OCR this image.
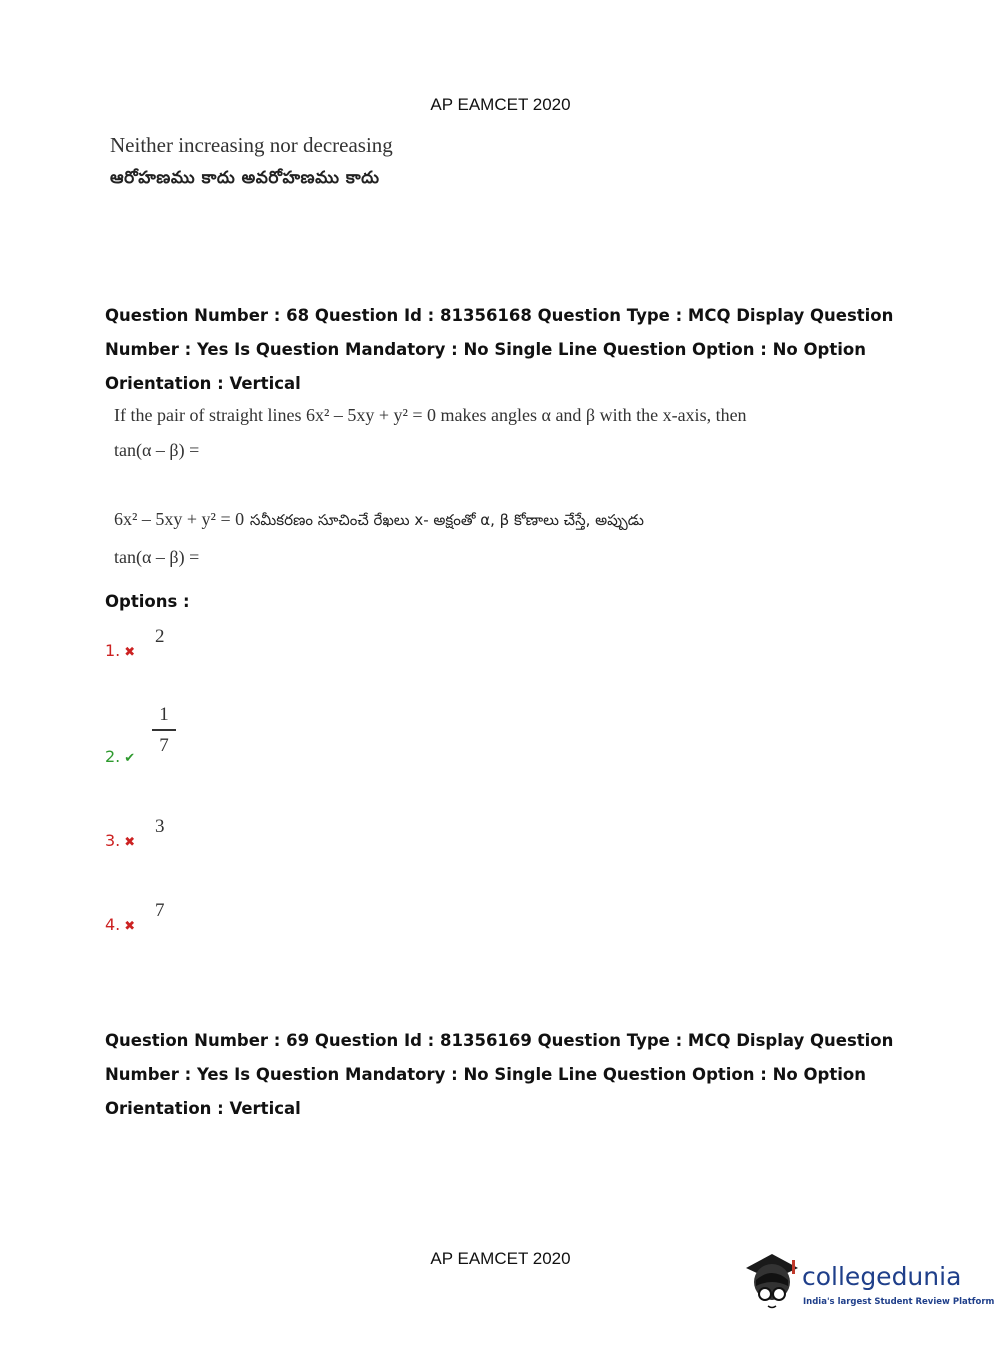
AP EAMCET 2020
Neither increasing nor decreasing
ఆరోహణము కాదు అవరోహణము కాదు
Question Number : 68 Question Id : 81356168 Question Type : MCQ Display Question Number : Yes Is Question Mandatory : No Single Line Question Option : No Option Orientation : Vertical
If the pair of straight lines 6x² – 5xy + y² = 0 makes angles α and β with the x-axis, then
tan(α – β) =
6x² – 5xy + y² = 0 సమీకరణం సూచించే రేఖలు x- అక్షంతో α, β కోణాలు చేస్తే, అప్పుడు
tan(α – β) =
Options :
1. ✖
2
2. ✔
1
7
3. ✖
3
4. ✖
7
Question Number : 69 Question Id : 81356169 Question Type : MCQ Display Question Number : Yes Is Question Mandatory : No Single Line Question Option : No Option Orientation : Vertical
AP EAMCET 2020
collegedunia
India's largest Student Review Platform
